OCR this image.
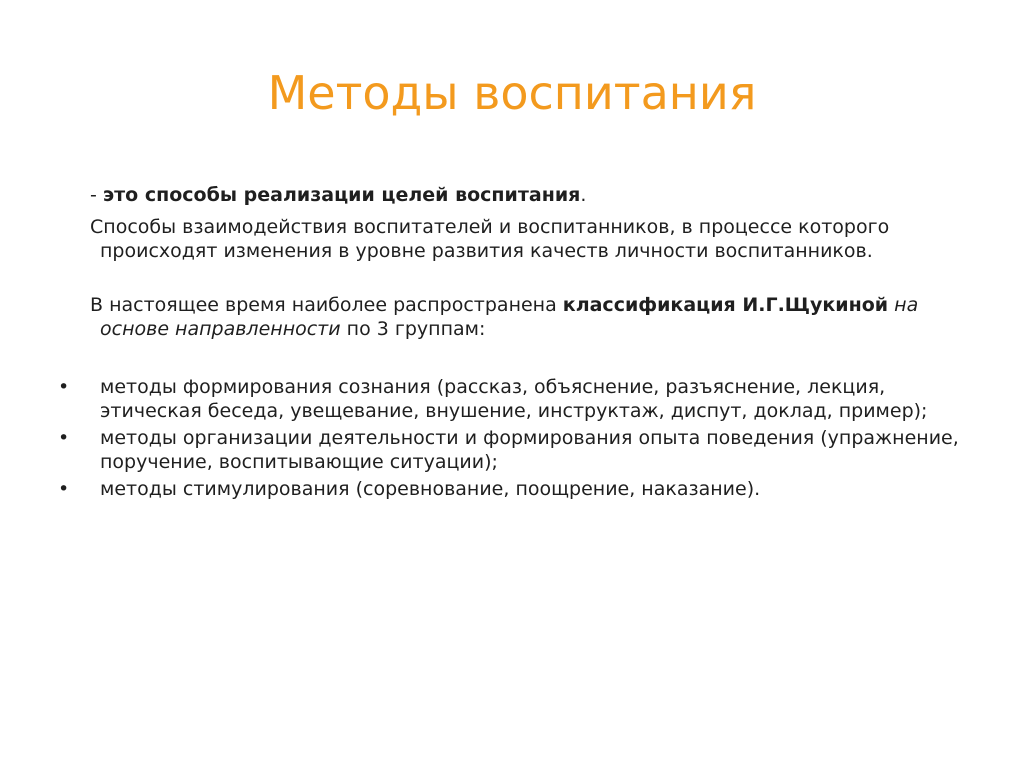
Методы воспитания

- это способы реализации целей воспитания.

Способы взаимодействия воспитателей и воспитанников, в процессе которого происходят изменения в уровне развития качеств личности воспитанников.

В настоящее время наиболее распространена классификация И.Г.Щукиной на основе направленности по 3 группам:

• методы формирования сознания (рассказ, объяснение, разъяснение, лекция, этическая беседа, увещевание, внушение, инструктаж, диспут, доклад, пример);
• методы организации деятельности и формирования опыта поведения (упражнение, поручение, воспитывающие ситуации);
• методы стимулирования (соревнование, поощрение, наказание).
